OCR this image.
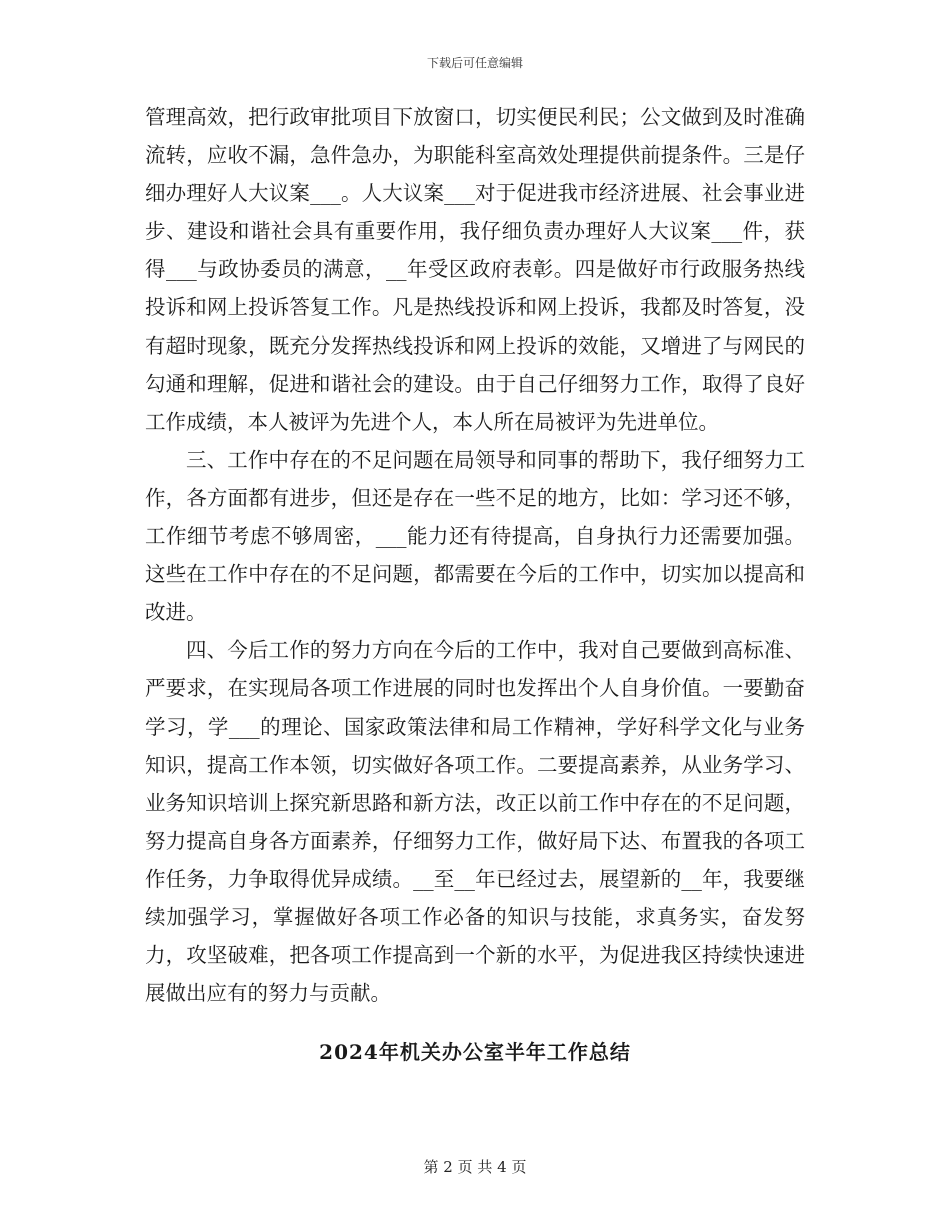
下载后可任意编辑

管理高效，把行政审批项目下放窗口，切实便民利民；公文做到及时准确流转，应收不漏，急件急办，为职能科室高效处理提供前提条件。三是仔细办理好人大议案___。人大议案___对于促进我市经济进展、社会事业进步、建设和谐社会具有重要作用，我仔细负责办理好人大议案___件，获得___与政协委员的满意，__年受区政府表彰。四是做好市行政服务热线投诉和网上投诉答复工作。凡是热线投诉和网上投诉，我都及时答复，没有超时现象，既充分发挥热线投诉和网上投诉的效能，又增进了与网民的勾通和理解，促进和谐社会的建设。由于自己仔细努力工作，取得了良好工作成绩，本人被评为先进个人，本人所在局被评为先进单位。

三、工作中存在的不足问题在局领导和同事的帮助下，我仔细努力工作，各方面都有进步，但还是存在一些不足的地方，比如：学习还不够，工作细节考虑不够周密，___能力还有待提高，自身执行力还需要加强。这些在工作中存在的不足问题，都需要在今后的工作中，切实加以提高和改进。

四、今后工作的努力方向在今后的工作中，我对自己要做到高标准、严要求，在实现局各项工作进展的同时也发挥出个人自身价值。一要勤奋学习，学___的理论、国家政策法律和局工作精神，学好科学文化与业务知识，提高工作本领，切实做好各项工作。二要提高素养，从业务学习、业务知识培训上探究新思路和新方法，改正以前工作中存在的不足问题，努力提高自身各方面素养，仔细努力工作，做好局下达、布置我的各项工作任务，力争取得优异成绩。__至__年已经过去，展望新的__年，我要继续加强学习，掌握做好各项工作必备的知识与技能，求真务实，奋发努力，攻坚破难，把各项工作提高到一个新的水平，为促进我区持续快速进展做出应有的努力与贡献。

2024年机关办公室半年工作总结
第 2 页 共 4 页
